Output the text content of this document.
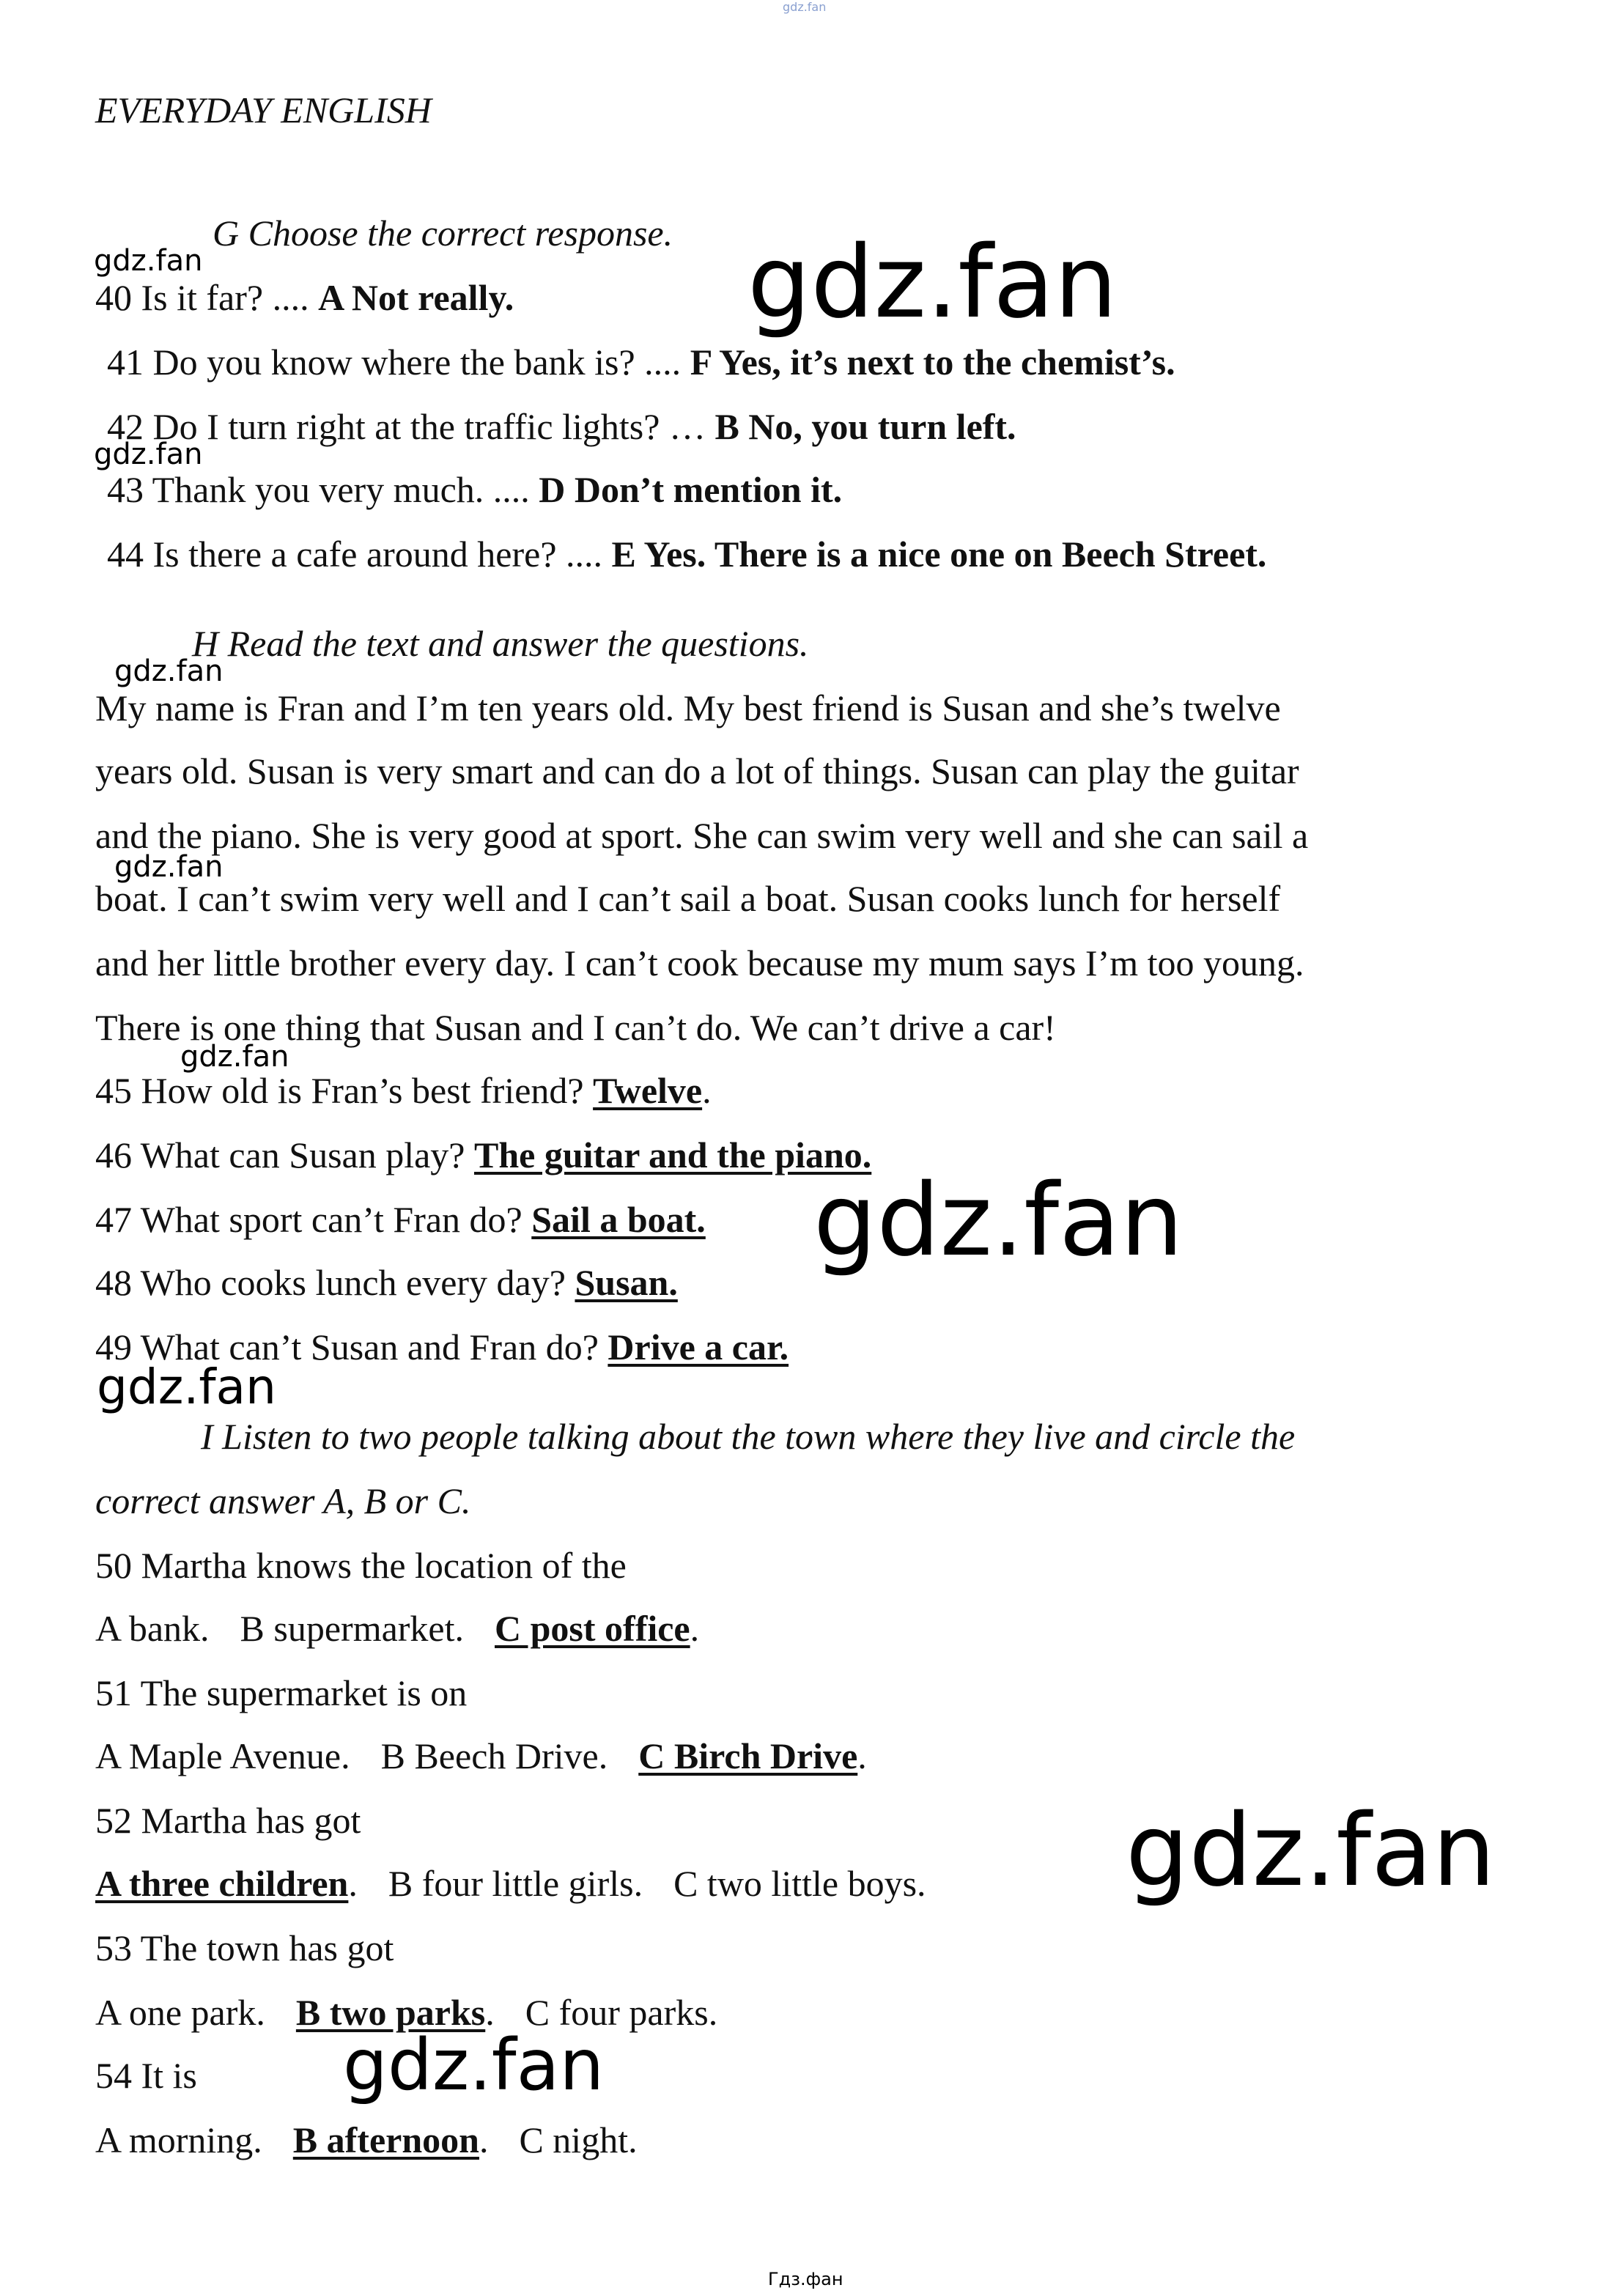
gdz.fan
gdz.fan	gdz.fan
gdz.fan
gdz.fan
gdz.fan
gdz.fan
gdz.fan
gdz.fan
gdz.fan
gdz.fan
Гдз.фан
EVERYDAY ENGLISH
G Choose the correct response.
40 Is it far? .... A Not really.
41 Do you know where the bank is? .... F Yes, it’s next to the chemist’s.
42 Do I turn right at the traffic lights? … B No, you turn left.
43 Thank you very much. .... D Don’t mention it.
44 Is there a cafe around here? .... E Yes. There is a nice one on Beech Street.
H Read the text and answer the questions.
My name is Fran and I’m ten years old. My best friend is Susan and she’s twelve
years old. Susan is very smart and can do a lot of things. Susan can play the guitar
and the piano. She is very good at sport. She can swim very well and she can sail a
boat. I can’t swim very well and I can’t sail a boat. Susan cooks lunch for herself
and her little brother every day. I can’t cook because my mum says I’m too young.
There is one thing that Susan and I can’t do. We can’t drive a car!
45 How old is Fran’s best friend? Twelve.
46 What can Susan play? The guitar and the piano.
47 What sport can’t Fran do? Sail a boat.
48 Who cooks lunch every day? Susan.
49 What can’t Susan and Fran do? Drive a car.
I Listen to two people talking about the town where they live and circle the
correct answer A, B or C.
50 Martha knows the location of the
A bank. B supermarket. C post office.
51 The supermarket is on
A Maple Avenue. B Beech Drive. C Birch Drive.
52 Martha has got
A three children. B four little girls. C two little boys.
53 The town has got
A one park. B two parks. C four parks.
54 It is
A morning. B afternoon. C night.
